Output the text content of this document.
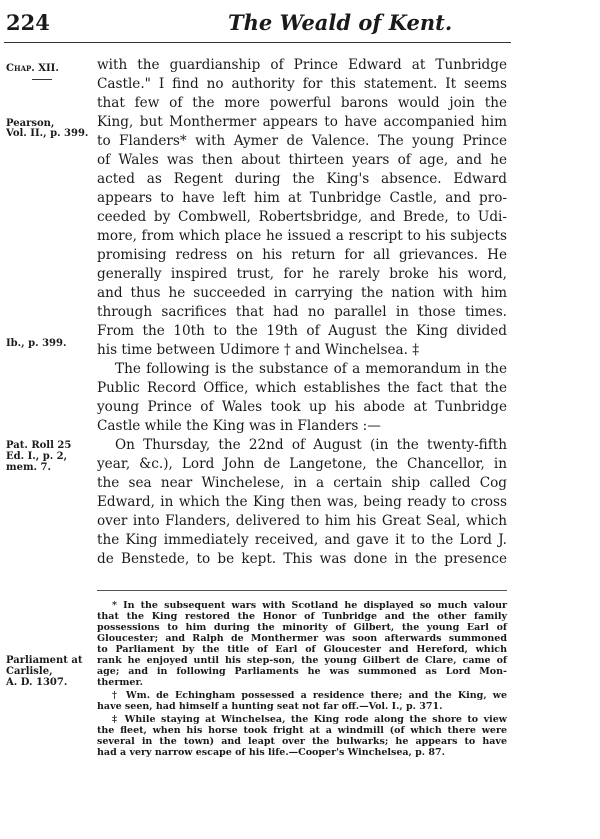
224	The Weald of Kent.
Chap. XII.
Pearson,
Vol. II., p. 399.
Ib., p. 399.
Pat. Roll 25
Ed. I., p. 2,
mem. 7.
Parliament at
Carlisle,
A. D. 1307.
with the guardianship of Prince Edward at Tunbridge
Castle." I find no authority for this statement. It seems
that few of the more powerful barons would join the
King, but Monthermer appears to have accompanied him
to Flanders* with Aymer de Valence. The young Prince
of Wales was then about thirteen years of age, and he
acted as Regent during the King's absence. Edward
appears to have left him at Tunbridge Castle, and pro-
ceeded by Combwell, Robertsbridge, and Brede, to Udi-
more, from which place he issued a rescript to his subjects
promising redress on his return for all grievances. He
generally inspired trust, for he rarely broke his word,
and thus he succeeded in carrying the nation with him
through sacrifices that had no parallel in those times.
From the 10th to the 19th of August the King divided
his time between Udimore † and Winchelsea. ‡
The following is the substance of a memorandum in the
Public Record Office, which establishes the fact that the
young Prince of Wales took up his abode at Tunbridge
Castle while the King was in Flanders :—
On Thursday, the 22nd of August (in the twenty-fifth
year, &c.), Lord John de Langetone, the Chancellor, in
the sea near Winchelese, in a certain ship called Cog
Edward, in which the King then was, being ready to cross
over into Flanders, delivered to him his Great Seal, which
the King immediately received, and gave it to the Lord J.
de Benstede, to be kept. This was done in the presence
* In the subsequent wars with Scotland he displayed so much valour
that the King restored the Honor of Tunbridge and the other family
possessions to him during the minority of Gilbert, the young Earl of
Gloucester; and Ralph de Monthermer was soon afterwards summoned
to Parliament by the title of Earl of Gloucester and Hereford, which
rank he enjoyed until his step-son, the young Gilbert de Clare, came of
age; and in following Parliaments he was summoned as Lord Mon-
thermer.
† Wm. de Echingham possessed a residence there; and the King, we
have seen, had himself a hunting seat not far off.—Vol. I., p. 371.
‡ While staying at Winchelsea, the King rode along the shore to view
the fleet, when his horse took fright at a windmill (of which there were
several in the town) and leapt over the bulwarks; he appears to have
had a very narrow escape of his life.—Cooper's Winchelsea, p. 87.
